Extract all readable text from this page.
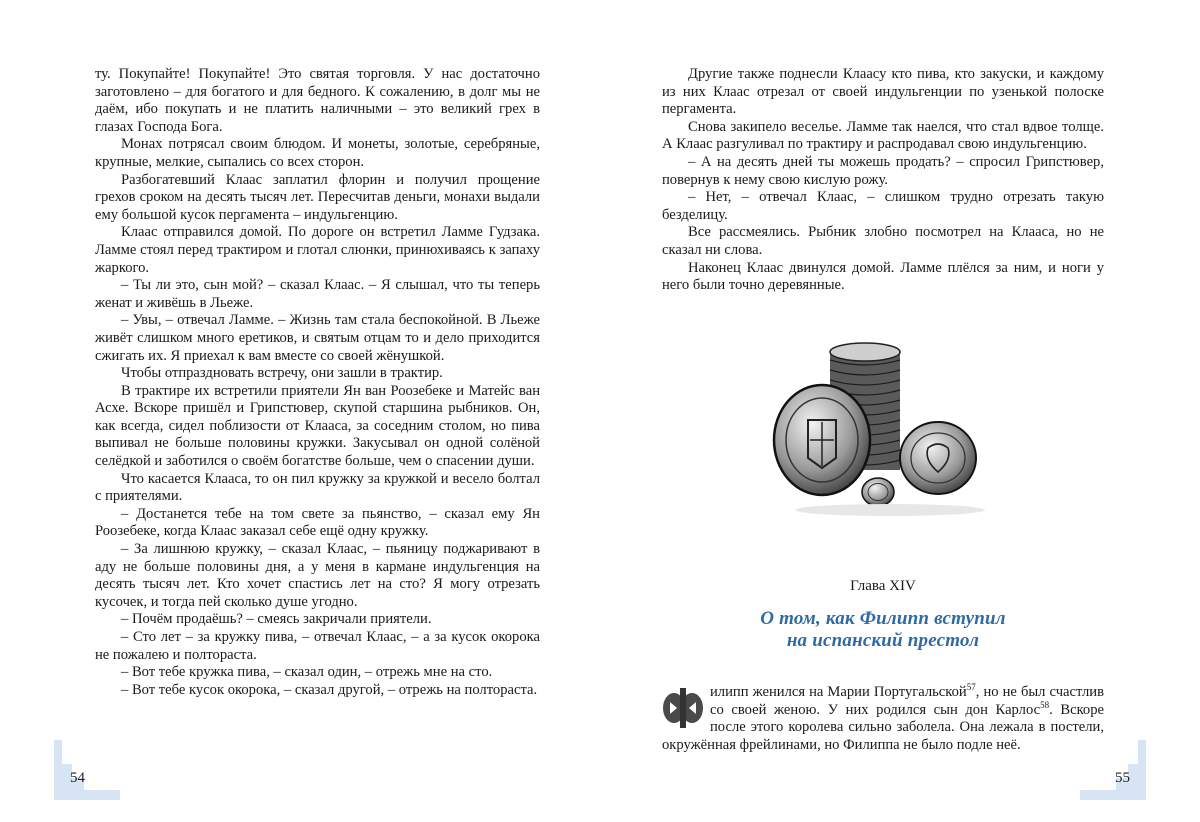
ту. Покупайте! Покупайте! Это святая торговля. У нас достаточно заготовлено – для богатого и для бедного. К сожалению, в долг мы не даём, ибо покупать и не платить наличными – это великий грех в глазах Господа Бога.

Монах потрясал своим блюдом. И монеты, золотые, серебряные, крупные, мелкие, сыпались со всех сторон.

Разбогатевший Клаас заплатил флорин и получил прощение грехов сроком на десять тысяч лет. Пересчитав деньги, монахи выдали ему большой кусок пергамента – индульгенцию.

Клаас отправился домой. По дороге он встретил Ламме Гудзака. Ламме стоял перед трактиром и глотал слюнки, принюхиваясь к запаху жаркого.

– Ты ли это, сын мой? – сказал Клаас. – Я слышал, что ты теперь женат и живёшь в Льеже.

– Увы, – отвечал Ламме. – Жизнь там стала беспокойной. В Льеже живёт слишком много еретиков, и святым отцам то и дело приходится сжигать их. Я приехал к вам вместе со своей жёнушкой.

Чтобы отпраздновать встречу, они зашли в трактир.

В трактире их встретили приятели Ян ван Роозебеке и Матейс ван Асхе. Вскоре пришёл и Грипстювер, скупой старшина рыбников. Он, как всегда, сидел поблизости от Клааса, за соседним столом, но пива выпивал не больше половины кружки. Закусывал он одной солёной селёдкой и заботился о своём богатстве больше, чем о спасении души.

Что касается Клааса, то он пил кружку за кружкой и весело болтал с приятелями.

– Достанется тебе на том свете за пьянство, – сказал ему Ян Роозебеке, когда Клаас заказал себе ещё одну кружку.

– За лишнюю кружку, – сказал Клаас, – пьяницу поджаривают в аду не больше половины дня, а у меня в кармане индульгенция на десять тысяч лет. Кто хочет спастись лет на сто? Я могу отрезать кусочек, и тогда пей сколько душе угодно.

– Почём продаёшь? – смеясь закричали приятели.

– Сто лет – за кружку пива, – отвечал Клаас, – а за кусок окорока не пожалею и полтораста.

– Вот тебе кружка пива, – сказал один, – отрежь мне на сто.

– Вот тебе кусок окорока, – сказал другой, – отрежь на полтораста.

54

Другие также поднесли Клаасу кто пива, кто закуски, и каждому из них Клаас отрезал от своей индульгенции по узенькой полоске пергамента.

Снова закипело веселье. Ламме так наелся, что стал вдвое толще. А Клаас разгуливал по трактиру и распродавал свою индульгенцию.

– А на десять дней ты можешь продать? – спросил Грипстювер, повернув к нему свою кислую рожу.

– Нет, – отвечал Клаас, – слишком трудно отрезать такую безделицу.

Все рассмеялись. Рыбник злобно посмотрел на Клааса, но не сказал ни слова.

Наконец Клаас двинулся домой. Ламме плёлся за ним, и ноги у него были точно деревянные.

Глава XIV
О том, как Филипп вступил
на испанский престол

илипп женился на Марии Португальской$^{57}$, но не был счастлив со своей женою. У них родился сын дон Карлос$^{58}$. Вскоре после этого королева сильно заболела. Она лежала в постели, окружённая фрейлинами, но Филиппа не было подле неё.

55
